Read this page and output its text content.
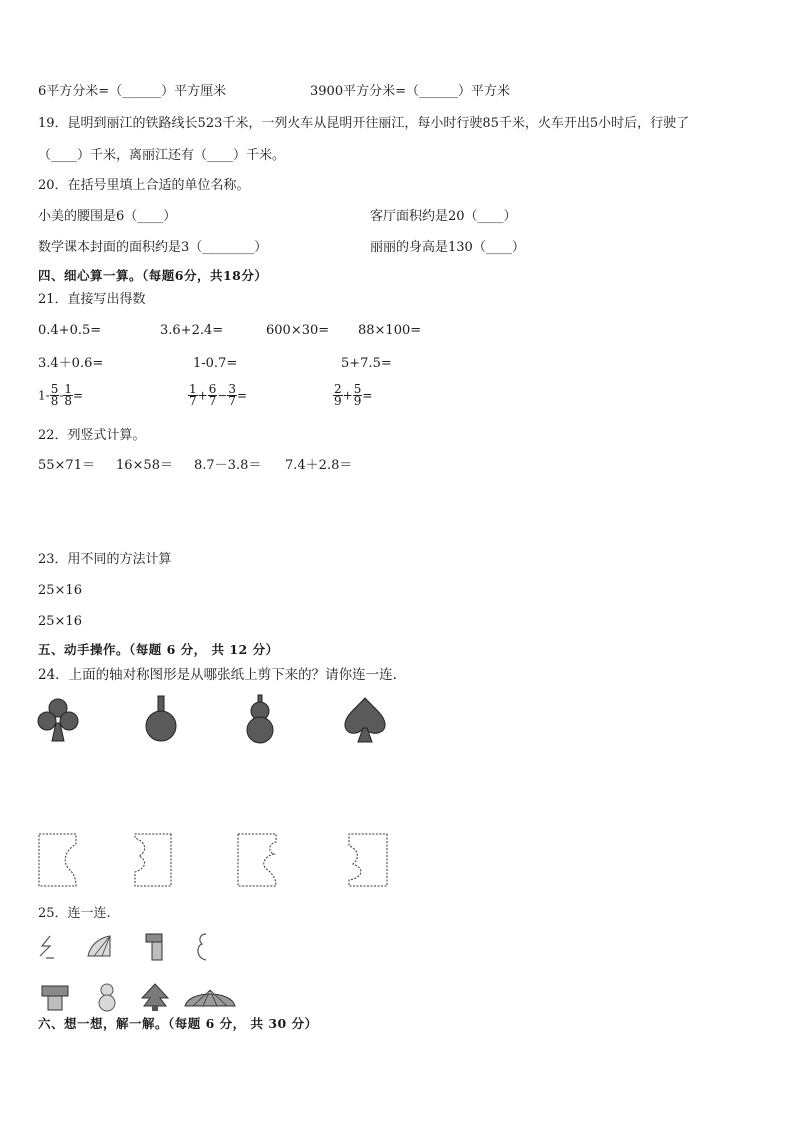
6平方分米=（______）平方厘米	3900平方分米=（______）平方米
19．昆明到丽江的铁路线长523千米，一列火车从昆明开往丽江，每小时行驶85千米，火车开出5小时后，行驶了
（____）千米，离丽江还有（____）千米。
20．在括号里填上合适的单位名称。
小美的腰围是6（____）	客厅面积约是20（____）
数学课本封面的面积约是3（________）	丽丽的身高是130（____）
四、细心算一算。（每题6分，共18分）
21．直接写出得数
0.4+0.5=	3.6+2.4=	600×30= 88×100=
3.4＋0.6=	1-0.7=	5+7.5=
$1- \frac{5}{8} - \frac{1}{8}$ =	$\frac{1}{7} + \frac{6}{7} - \frac{3}{7}$ =	$\frac{2}{9} + \frac{5}{9}$ =
22．列竖式计算。
55×71＝ 16×58＝ 8.7－3.8＝ 7.4＋2.8＝
23．用不同的方法计算
25×16
25×16
五、动手操作。（每题 6 分， 共 12 分）
24．上面的轴对称图形是从哪张纸上剪下来的？请你连一连.
25．连一连.
六、想一想，解一解。（每题 6 分， 共 30 分）
